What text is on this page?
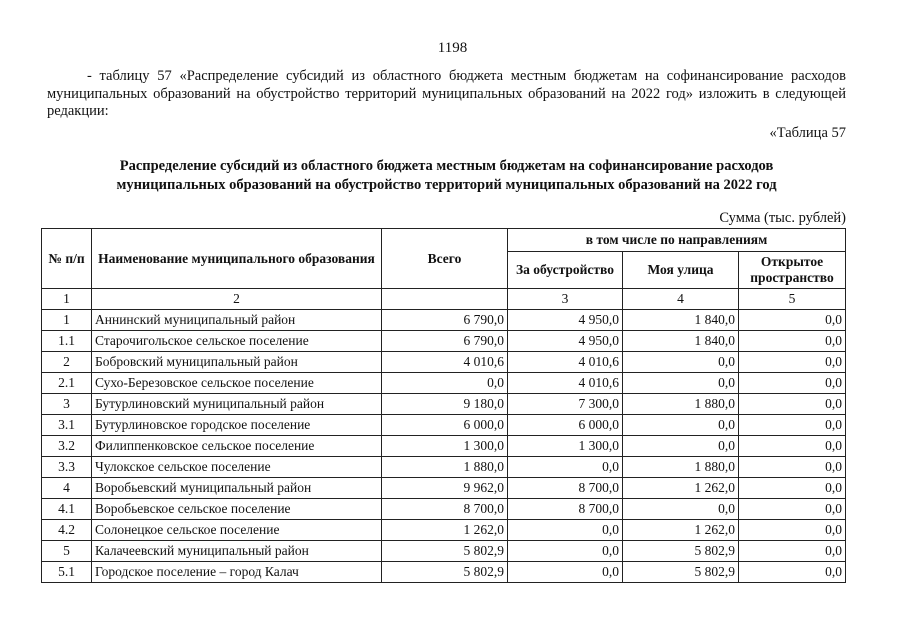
1198
- таблицу 57 «Распределение субсидий из областного бюджета местным бюджетам на софинансирование расходов муниципальных образований на обустройство территорий муниципальных образований на 2022 год» изложить в следующей редакции:
«Таблица 57
Распределение субсидий из областного бюджета местным бюджетам на софинансирование расходов
муниципальных образований на обустройство территорий муниципальных образований на 2022 год
Сумма (тыс. рублей)
№ п/п	Наименование муниципального образования	Всего	в том числе по направлениям		
			За обустройство	Моя улица	Открытое пространство
1	2		3	4	5
1	Аннинский муниципальный район	6 790,0	4 950,0	1 840,0	0,0
1.1	Старочигольское сельское поселение	6 790,0	4 950,0	1 840,0	0,0
2	Бобровский муниципальный район	4 010,6	4 010,6	0,0	0,0
2.1	Сухо-Березовское сельское поселение	0,0	4 010,6	0,0	0,0
3	Бутурлиновский муниципальный район	9 180,0	7 300,0	1 880,0	0,0
3.1	Бутурлиновское городское поселение	6 000,0	6 000,0	0,0	0,0
3.2	Филиппенковское сельское поселение	1 300,0	1 300,0	0,0	0,0
3.3	Чулокское сельское поселение	1 880,0	0,0	1 880,0	0,0
4	Воробьевский муниципальный район	9 962,0	8 700,0	1 262,0	0,0
4.1	Воробьевское сельское поселение	8 700,0	8 700,0	0,0	0,0
4.2	Солонецкое сельское поселение	1 262,0	0,0	1 262,0	0,0
5	Калачеевский муниципальный район	5 802,9	0,0	5 802,9	0,0
5.1	Городское поселение – город Калач	5 802,9	0,0	5 802,9	0,0
